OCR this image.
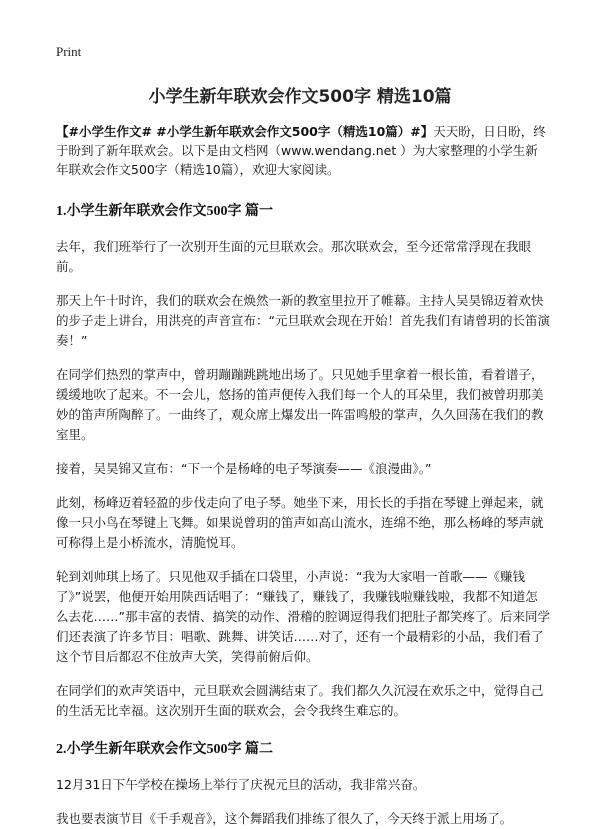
Print
小学生新年联欢会作文500字 精选10篇

【#小学生作文# #小学生新年联欢会作文500字（精选10篇）#】天天盼，日日盼，终于盼到了新年联欢会。以下是由文档网（www.wendang.net ）为大家整理的小学生新年联欢会作文500字（精选10篇），欢迎大家阅读。

1.小学生新年联欢会作文500字 篇一

去年，我们班举行了一次别开生面的元旦联欢会。那次联欢会，至今还常常浮现在我眼前。

那天上午十时许，我们的联欢会在焕然一新的教室里拉开了帷幕。主持人吴昊锦迈着欢快的步子走上讲台，用洪亮的声音宣布：“元旦联欢会现在开始！首先我们有请曾玥的长笛演奏！”

在同学们热烈的掌声中，曾玥蹦蹦跳跳地出场了。只见她手里拿着一根长笛，看着谱子，缓缓地吹了起来。不一会儿，悠扬的笛声便传入我们每一个人的耳朵里，我们被曾玥那美妙的笛声所陶醉了。一曲终了，观众席上爆发出一阵雷鸣般的掌声，久久回荡在我们的教室里。

接着，吴昊锦又宣布：“下一个是杨峰的电子琴演奏——《浪漫曲》。”

此刻，杨峰迈着轻盈的步伐走向了电子琴。她坐下来，用长长的手指在琴键上弹起来，就像一只小鸟在琴键上飞舞。如果说曾玥的笛声如高山流水，连绵不绝，那么杨峰的琴声就可称得上是小桥流水，清脆悦耳。

轮到刘帅琪上场了。只见他双手插在口袋里，小声说：“我为大家唱一首歌——《赚钱了》”说罢，他便开始用陕西话唱了：“赚钱了，赚钱了，我赚钱啦赚钱啦，我都不知道怎么去花……”那丰富的表情、搞笑的动作、滑稽的腔调逗得我们把肚子都笑疼了。后来同学们还表演了许多节目：唱歌、跳舞、讲笑话……对了，还有一个最精彩的小品，我们看了这个节目后都忍不住放声大笑，笑得前俯后仰。

在同学们的欢声笑语中，元旦联欢会圆满结束了。我们都久久沉浸在欢乐之中，觉得自己的生活无比幸福。这次别开生面的联欢会，会令我终生难忘的。

2.小学生新年联欢会作文500字 篇二

12月31日下午学校在操场上举行了庆祝元旦的活动，我非常兴奋。

我也要表演节目《千手观音》，这个舞蹈我们排练了很久了，今天终于派上用场了。
